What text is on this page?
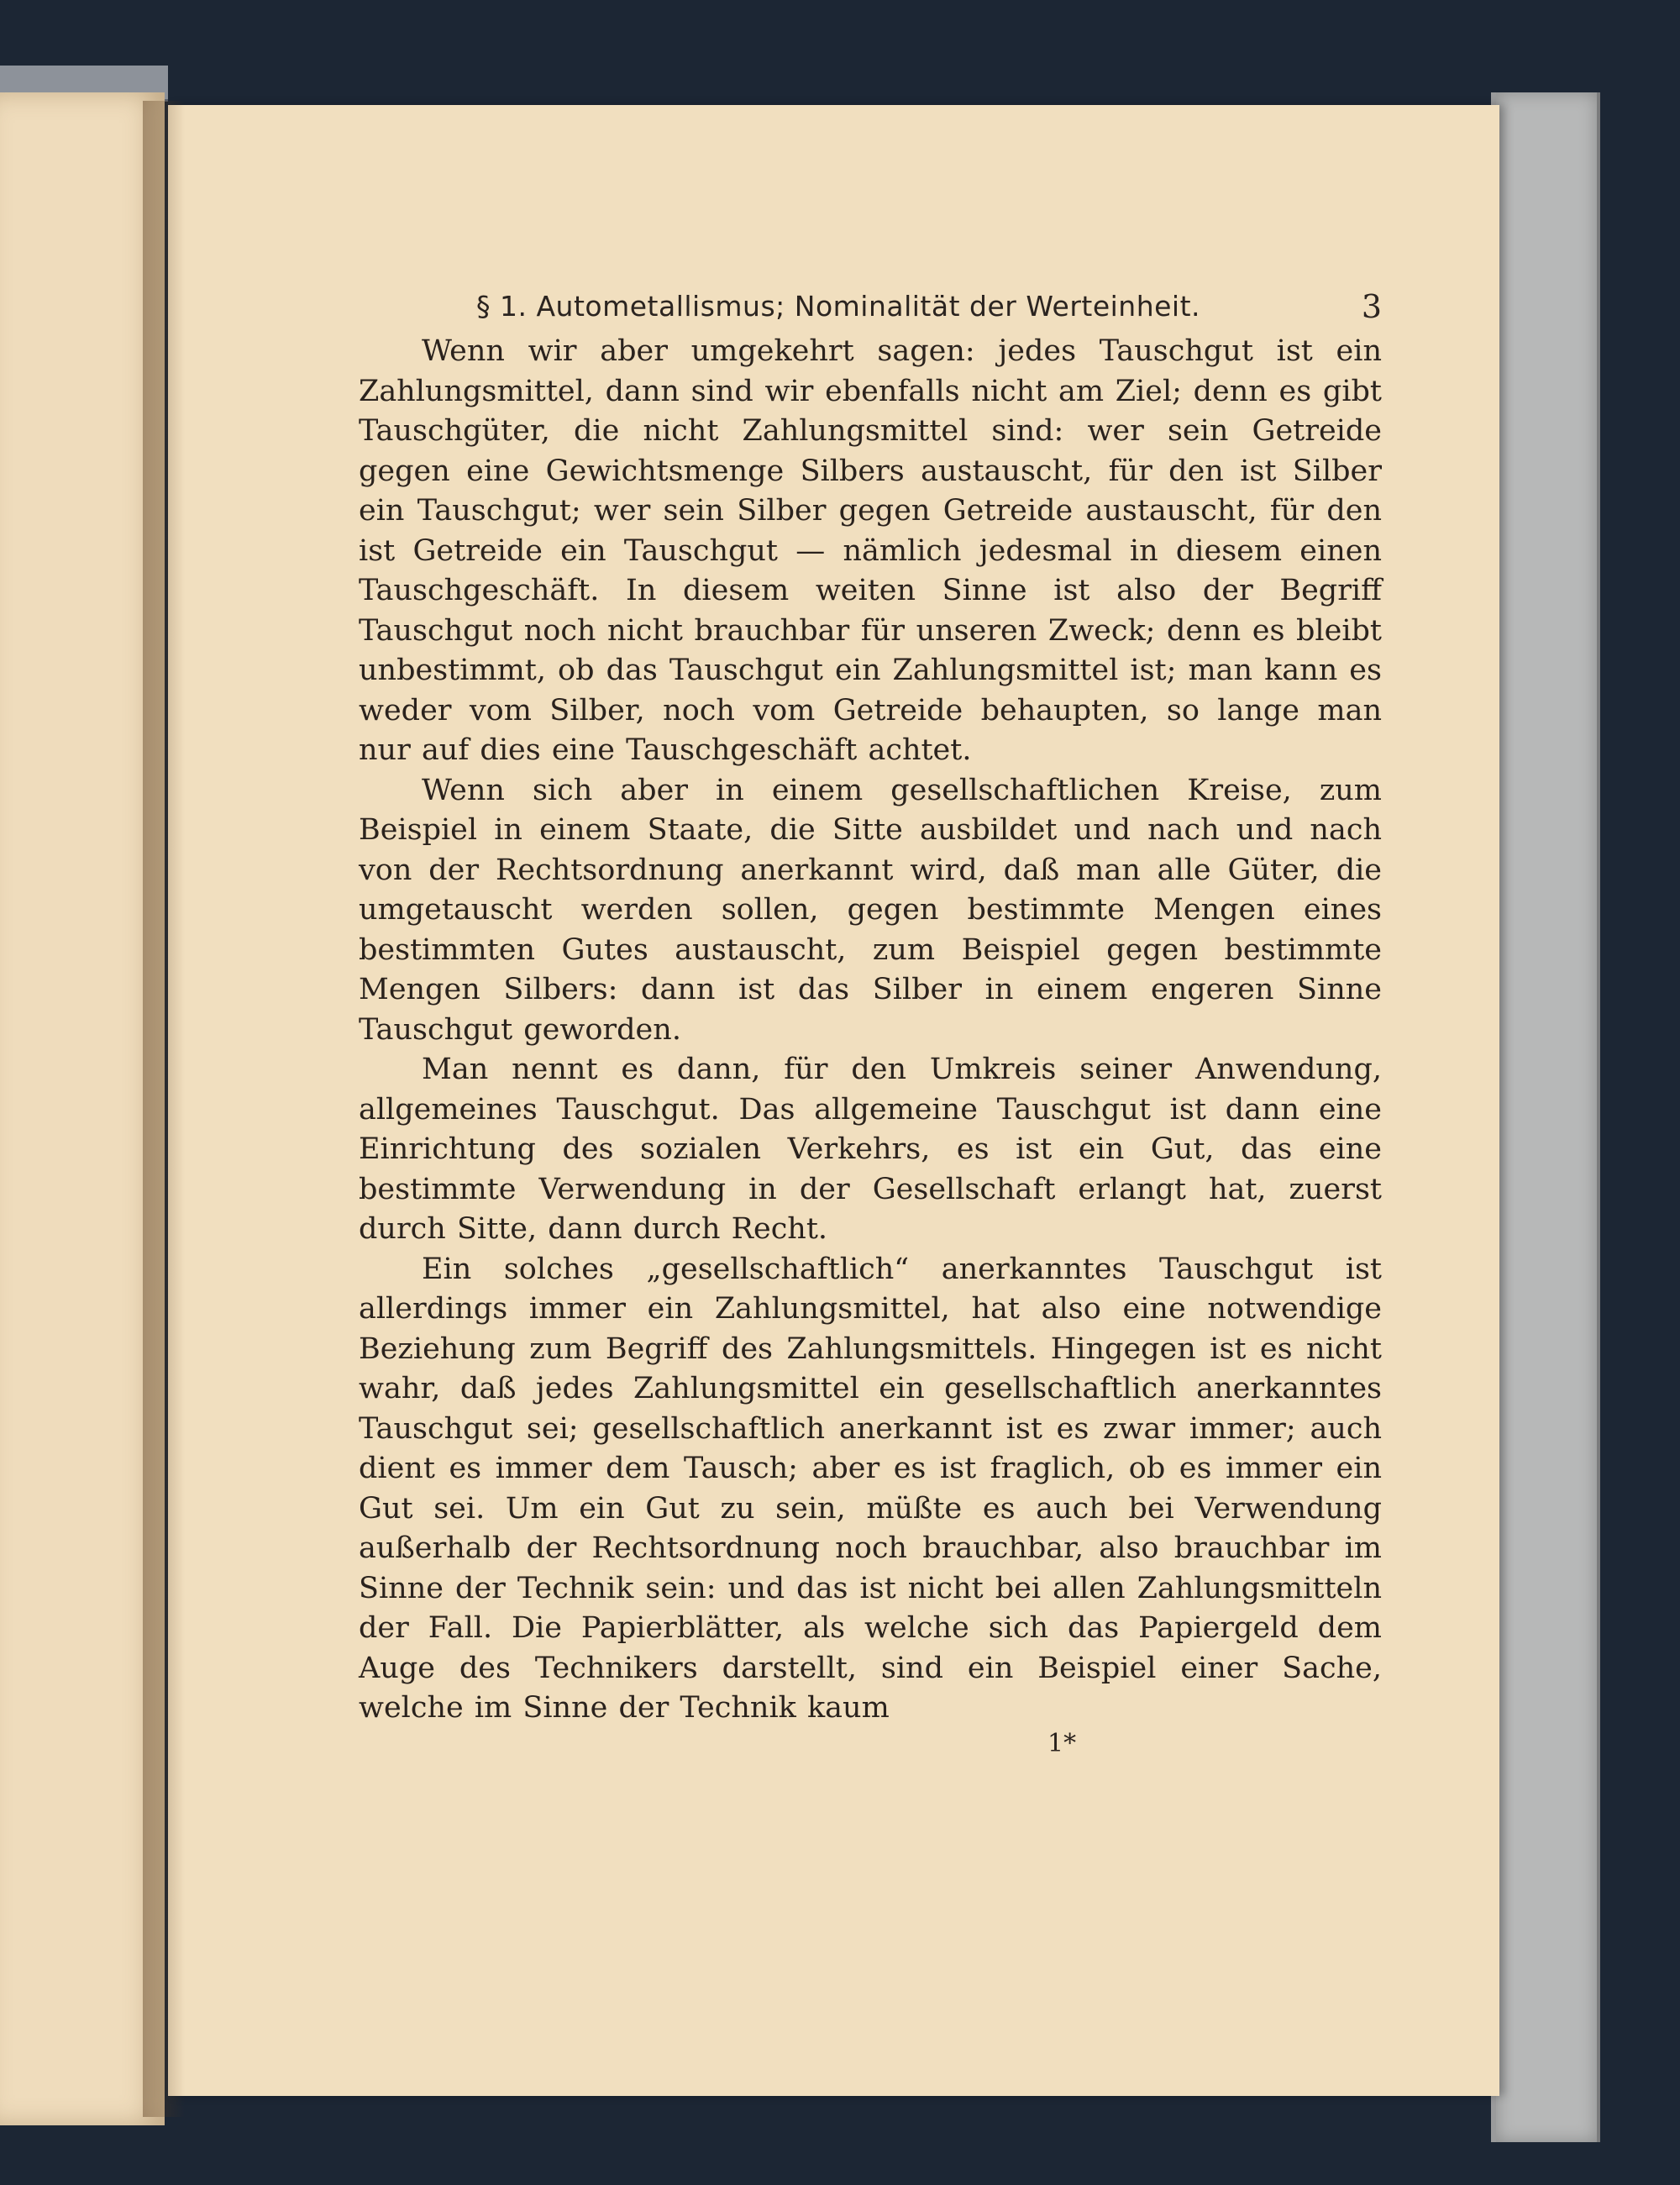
§ 1. Autometallismus; Nominalität der Werteinheit.	3

Wenn wir aber umgekehrt sagen: jedes Tauschgut ist ein Zahlungsmittel, dann sind wir ebenfalls nicht am Ziel; denn es gibt Tauschgüter, die nicht Zahlungsmittel sind: wer sein Getreide gegen eine Gewichtsmenge Silbers austauscht, für den ist Silber ein Tauschgut; wer sein Silber gegen Getreide austauscht, für den ist Getreide ein Tauschgut — nämlich jedesmal in diesem einen Tauschgeschäft. In diesem weiten Sinne ist also der Begriff Tauschgut noch nicht brauchbar für unseren Zweck; denn es bleibt unbestimmt, ob das Tauschgut ein Zahlungsmittel ist; man kann es weder vom Silber, noch vom Getreide behaupten, so lange man nur auf dies eine Tauschgeschäft achtet.

Wenn sich aber in einem gesellschaftlichen Kreise, zum Beispiel in einem Staate, die Sitte ausbildet und nach und nach von der Rechtsordnung anerkannt wird, daß man alle Güter, die umgetauscht werden sollen, gegen bestimmte Mengen eines bestimmten Gutes austauscht, zum Beispiel gegen bestimmte Mengen Silbers: dann ist das Silber in einem engeren Sinne Tauschgut geworden.

Man nennt es dann, für den Umkreis seiner Anwendung, allgemeines Tauschgut. Das allgemeine Tauschgut ist dann eine Einrichtung des sozialen Verkehrs, es ist ein Gut, das eine bestimmte Verwendung in der Gesellschaft erlangt hat, zuerst durch Sitte, dann durch Recht.

Ein solches „gesellschaftlich“ anerkanntes Tauschgut ist allerdings immer ein Zahlungsmittel, hat also eine notwendige Beziehung zum Begriff des Zahlungsmittels. Hingegen ist es nicht wahr, daß jedes Zahlungsmittel ein gesellschaftlich anerkanntes Tauschgut sei; gesellschaftlich anerkannt ist es zwar immer; auch dient es immer dem Tausch; aber es ist fraglich, ob es immer ein Gut sei. Um ein Gut zu sein, müßte es auch bei Verwendung außerhalb der Rechtsordnung noch brauchbar, also brauchbar im Sinne der Technik sein: und das ist nicht bei allen Zahlungsmitteln der Fall. Die Papierblätter, als welche sich das Papiergeld dem Auge des Technikers darstellt, sind ein Beispiel einer Sache, welche im Sinne der Technik kaum

1*
